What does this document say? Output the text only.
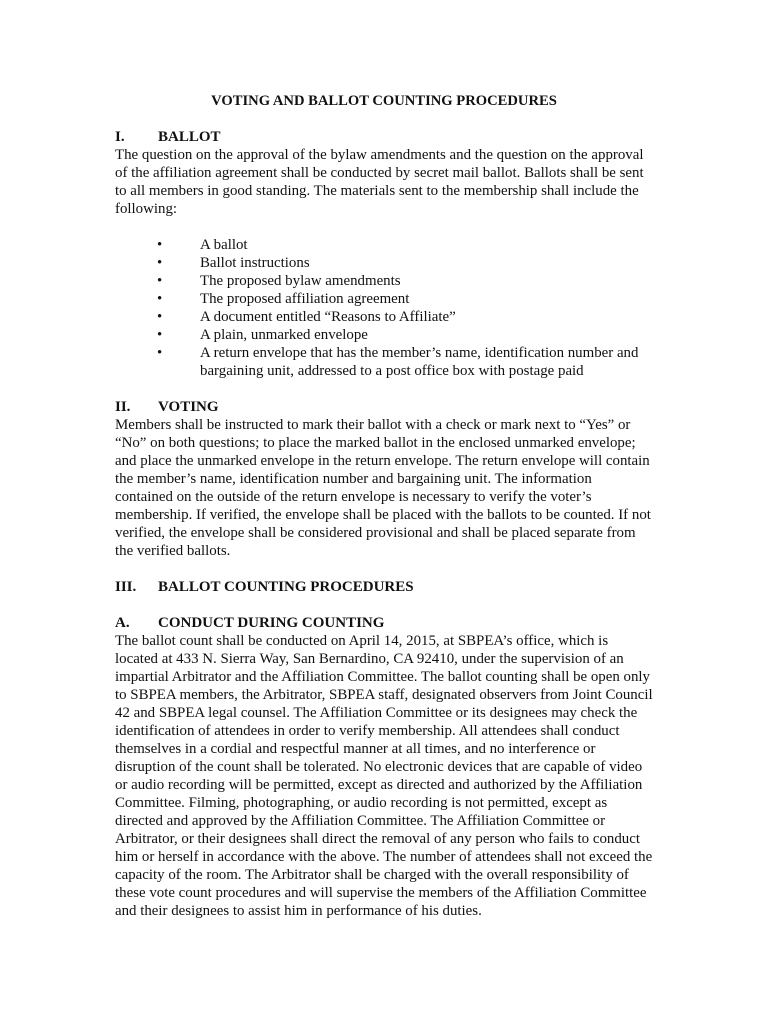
VOTING AND BALLOT COUNTING PROCEDURES
I.	BALLOT

The question on the approval of the bylaw amendments and the question on the approval of the affiliation agreement shall be conducted by secret mail ballot. Ballots shall be sent to all members in good standing. The materials sent to the membership shall include the following:

•	A ballot
•	Ballot instructions
•	The proposed bylaw amendments
•	The proposed affiliation agreement
•	A document entitled “Reasons to Affiliate”
•	A plain, unmarked envelope
•	A return envelope that has the member’s name, identification number and bargaining unit, addressed to a post office box with postage paid
II.	VOTING

Members shall be instructed to mark their ballot with a check or mark next to “Yes” or “No” on both questions; to place the marked ballot in the enclosed unmarked envelope; and place the unmarked envelope in the return envelope. The return envelope will contain the member’s name, identification number and bargaining unit. The information contained on the outside of the return envelope is necessary to verify the voter’s membership. If verified, the envelope shall be placed with the ballots to be counted. If not verified, the envelope shall be considered provisional and shall be placed separate from the verified ballots.

III.	BALLOT COUNTING PROCEDURES
A.	CONDUCT DURING COUNTING

The ballot count shall be conducted on April 14, 2015, at SBPEA’s office, which is located at 433 N. Sierra Way, San Bernardino, CA 92410, under the supervision of an impartial Arbitrator and the Affiliation Committee. The ballot counting shall be open only to SBPEA members, the Arbitrator, SBPEA staff, designated observers from Joint Council 42 and SBPEA legal counsel. The Affiliation Committee or its designees may check the identification of attendees in order to verify membership. All attendees shall conduct themselves in a cordial and respectful manner at all times, and no interference or disruption of the count shall be tolerated. No electronic devices that are capable of video or audio recording will be permitted, except as directed and authorized by the Affiliation Committee. Filming, photographing, or audio recording is not permitted, except as directed and approved by the Affiliation Committee. The Affiliation Committee or Arbitrator, or their designees shall direct the removal of any person who fails to conduct him or herself in accordance with the above. The number of attendees shall not exceed the capacity of the room. The Arbitrator shall be charged with the overall responsibility of these vote count procedures and will supervise the members of the Affiliation Committee and their designees to assist him in performance of his duties.
